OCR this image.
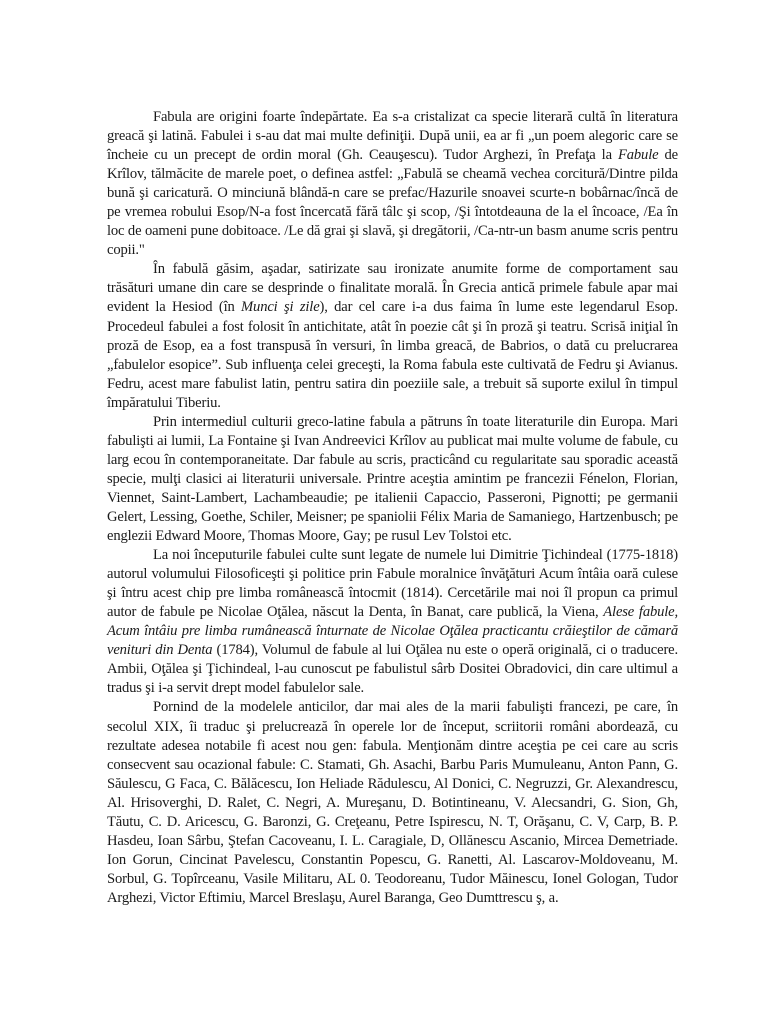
Fabula are origini foarte îndepărtate. Ea s-a cristalizat ca specie literară cultă în literatura greacă şi latină. Fabulei i s-au dat mai multe definiţii. După unii, ea ar fi „un poem alegoric care se încheie cu un precept de ordin moral (Gh. Ceauşescu). Tudor Arghezi, în Prefaţa la Fabule de Krîlov, tălmăcite de marele poet, o definea astfel: „Fabulă se cheamă vechea corcitură/Dintre pilda bună şi caricatură. O minciună blândă-n care se prefac/Hazurile snoavei scurte-n bobârnac/încă de pe vremea robului Esop/N-a fost încercată fără tâlc şi scop, /Şi întotdeauna de la el încoace, /Ea în loc de oameni pune dobitoace. /Le dă grai şi slavă, şi dregătorii, /Ca-ntr-un basm anume scris pentru copii."

În fabulă găsim, aşadar, satirizate sau ironizate anumite forme de comportament sau trăsături umane din care se desprinde o finalitate morală. În Grecia antică primele fabule apar mai evident la Hesiod (în Munci şi zile), dar cel care i-a dus faima în lume este legendarul Esop. Procedeul fabulei a fost folosit în antichitate, atât în poezie cât şi în proză şi teatru. Scrisă iniţial în proză de Esop, ea a fost transpusă în versuri, în limba greacă, de Babrios, o dată cu prelucrarea „fabulelor esopice”. Sub influenţa celei greceşti, la Roma fabula este cultivată de Fedru şi Avianus. Fedru, acest mare fabulist latin, pentru satira din poeziile sale, a trebuit să suporte exilul în timpul împăratului Tiberiu.

Prin intermediul culturii greco-latine fabula a pătruns în toate literaturile din Europa. Mari fabulişti ai lumii, La Fontaine şi Ivan Andreevici Krîlov au publicat mai multe volume de fabule, cu larg ecou în contemporaneitate. Dar fabule au scris, practicând cu regularitate sau sporadic această specie, mulţi clasici ai literaturii universale. Printre aceştia amintim pe francezii Fénelon, Florian, Viennet, Saint-Lambert, Lachambeaudie; pe italienii Capaccio, Passeroni, Pignotti; pe germanii Gelert, Lessing, Goethe, Schiler, Meisner; pe spaniolii Félix Maria de Samaniego, Hartzenbusch; pe englezii Edward Moore, Thomas Moore, Gay; pe rusul Lev Tolstoi etc.

La noi începuturile fabulei culte sunt legate de numele lui Dimitrie Ţichindeal (1775-1818) autorul volumului Filosoficeşti şi politice prin Fabule moralnice învăţături Acum întâia oară culese şi întru acest chip pre limba românească întocmit (1814). Cercetările mai noi îl propun ca primul autor de fabule pe Nicolae Oţălea, născut la Denta, în Banat, care publică, la Viena, Alese fabule, Acum întâiu pre limba rumânească înturnate de Nicolae Oţălea practicantu crăieştilor de cămară venituri din Denta (1784), Volumul de fabule al lui Oţălea nu este o operă originală, ci o traducere. Ambii, Oţălea şi Ţichindeal, l-au cunoscut pe fabulistul sârb Dositei Obradovici, din care ultimul a tradus şi i-a servit drept model fabulelor sale.

Pornind de la modelele anticilor, dar mai ales de la marii fabulişti francezi, pe care, în secolul XIX, îi traduc şi prelucrează în operele lor de început, scriitorii români abordează, cu rezultate adesea notabile fi acest nou gen: fabula. Menţionăm dintre aceştia pe cei care au scris consecvent sau ocazional fabule: C. Stamati, Gh. Asachi, Barbu Paris Mumuleanu, Anton Pann, G. Săulescu, G Faca, C. Bălăcescu, Ion Heliade Rădulescu, Al Donici, C. Negruzzi, Gr. Alexandrescu, Al. Hrisoverghi, D. Ralet, C. Negri, A. Mureşanu, D. Botintineanu, V. Alecsandri, G. Sion, Gh, Tăutu, C. D. Aricescu, G. Baronzi, G. Creţeanu, Petre Ispirescu, N. T, Orăşanu, C. V, Carp, B. P. Hasdeu, Ioan Sârbu, Ştefan Cacoveanu, I. L. Caragiale, D, Ollănescu Ascanio, Mircea Demetriade. Ion Gorun, Cincinat Pavelescu, Constantin Popescu, G. Ranetti, Al. Lascarov-Moldoveanu, M. Sorbul, G. Topîrceanu, Vasile Militaru, AL 0. Teodoreanu, Tudor Măinescu, Ionel Gologan, Tudor Arghezi, Victor Eftimiu, Marcel Breslaşu, Aurel Baranga, Geo Dumttrescu ş, a.
